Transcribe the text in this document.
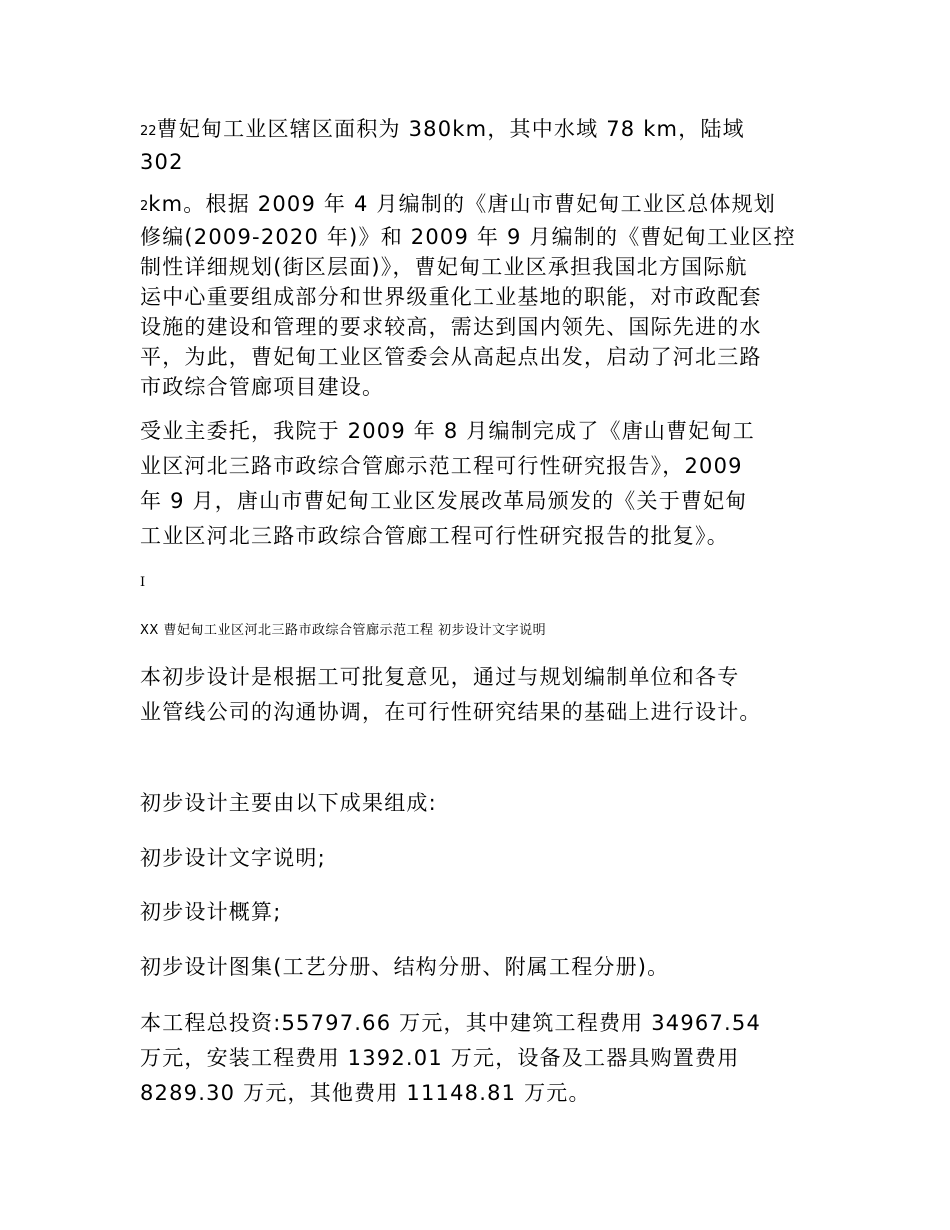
22曹妃甸工业区辖区面积为 380km，其中水域 78 km，陆域
302

2km。根据 2009 年 4 月编制的《唐山市曹妃甸工业区总体规划
修编(2009-2020 年)》和 2009 年 9 月编制的《曹妃甸工业区控
制性详细规划(街区层面)》，曹妃甸工业区承担我国北方国际航
运中心重要组成部分和世界级重化工业基地的职能，对市政配套
设施的建设和管理的要求较高，需达到国内领先、国际先进的水
平，为此，曹妃甸工业区管委会从高起点出发，启动了河北三路
市政综合管廊项目建设。

受业主委托，我院于 2009 年 8 月编制完成了《唐山曹妃甸工
业区河北三路市政综合管廊示范工程可行性研究报告》，2009
年 9 月，唐山市曹妃甸工业区发展改革局颁发的《关于曹妃甸
工业区河北三路市政综合管廊工程可行性研究报告的批复》。

I

XX 曹妃甸工业区河北三路市政综合管廊示范工程 初步设计文字说明

本初步设计是根据工可批复意见，通过与规划编制单位和各专
业管线公司的沟通协调，在可行性研究结果的基础上进行设计。

初步设计主要由以下成果组成:

初步设计文字说明;

初步设计概算;

初步设计图集(工艺分册、结构分册、附属工程分册)。

本工程总投资:55797.66 万元，其中建筑工程费用 34967.54
万元，安装工程费用 1392.01 万元，设备及工器具购置费用
8289.30 万元，其他费用 11148.81 万元。
